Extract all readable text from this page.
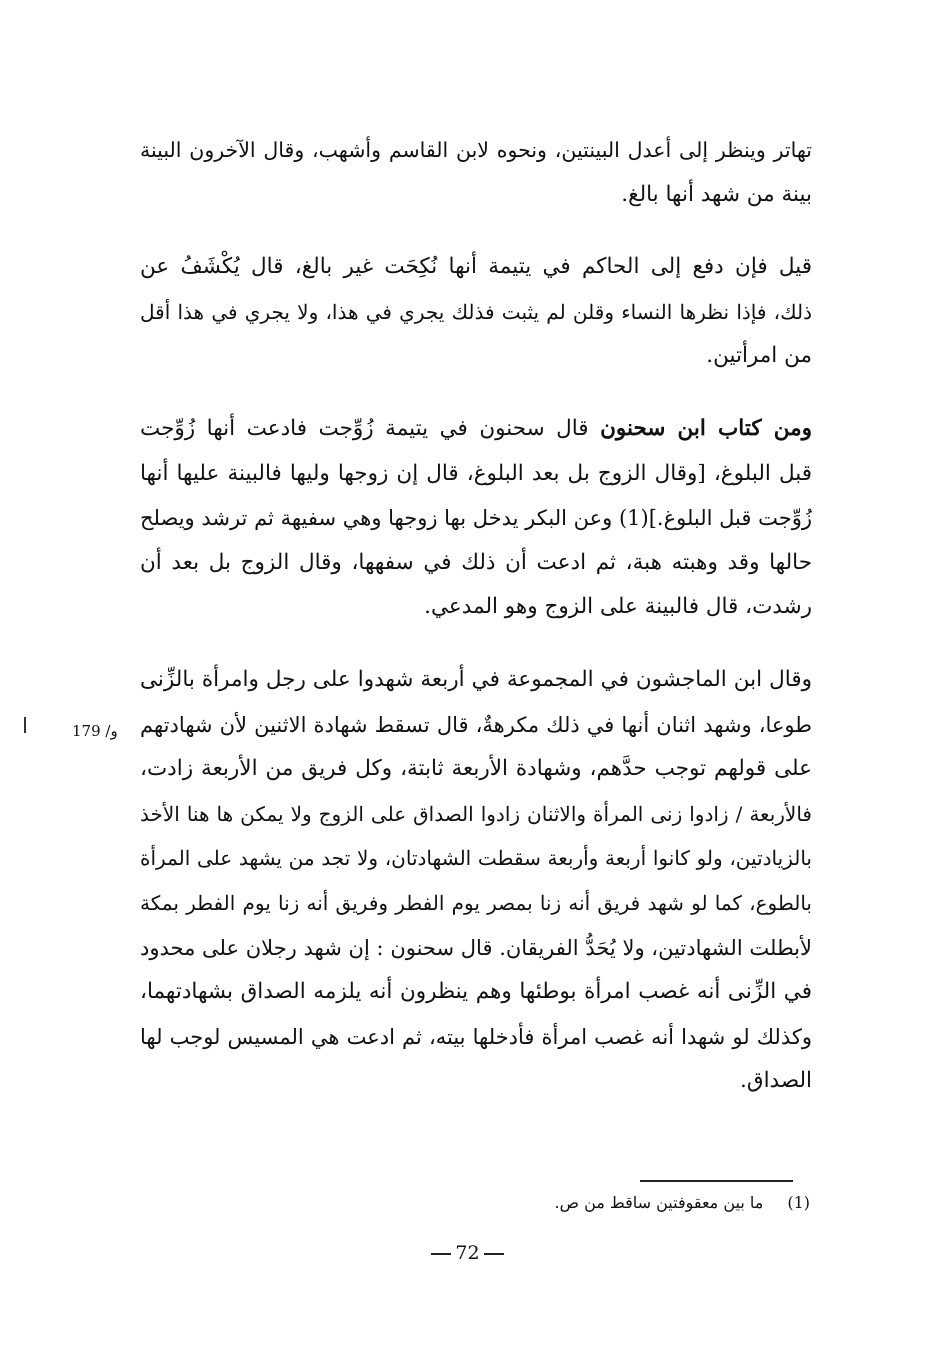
تهاتر وينظر إلى أعدل البينتين، ونحوه لابن القاسم وأشهب، وقال الآخرون البينة
بينة من شهد أنها بالغ.
قيل فإن دفع إلى الحاكم في يتيمة أنها نُكِحَت غير بالغ، قال يُكْشَفُ عن
ذلك، فإذا نظرها النساء وقلن لم يثبت فذلك يجري في هذا، ولا يجري في هذا أقل
من امرأتين.
ومن كتاب ابن سحنون قال سحنون في يتيمة زُوِّجت فادعت أنها زُوِّجت
قبل البلوغ، [وقال الزوج بل بعد البلوغ، قال إن زوجها وليها فالبينة عليها أنها
زُوِّجت قبل البلوغ.](1) وعن البكر يدخل بها زوجها وهي سفيهة ثم ترشد ويصلح
حالها وقد وهبته هبة، ثم ادعت أن ذلك في سفهها، وقال الزوج بل بعد أن
رشدت، قال فالبينة على الزوج وهو المدعي.
وقال ابن الماجشون في المجموعة في أربعة شهدوا على رجل وامرأة بالزِّنى
طوعا، وشهد اثنان أنها في ذلك مكرهةٌ، قال تسقط شهادة الاثنين لأن شهادتهم
على قولهم توجب حدَّهم، وشهادة الأربعة ثابتة، وكل فريق من الأربعة زادت،
فالأربعة / زادوا زنى المرأة والاثنان زادوا الصداق على الزوج ولا يمكن ها هنا الأخذ
بالزيادتين، ولو كانوا أربعة وأربعة سقطت الشهادتان، ولا تجد من يشهد على المرأة
بالطوع، كما لو شهد فريق أنه زنا بمصر يوم الفطر وفريق أنه زنا يوم الفطر بمكة
لأبطلت الشهادتين، ولا يُحَدُّ الفريقان. قال سحنون : إن شهد رجلان على محدود
في الزِّنى أنه غصب امرأة بوطئها وهم ينظرون أنه يلزمه الصداق بشهادتهما،
وكذلك لو شهدا أنه غصب امرأة فأدخلها بيته، ثم ادعت هي المسيس لوجب لها
الصداق.
179 /و
(1)ما بين معقوفتين ساقط من ص.
72
